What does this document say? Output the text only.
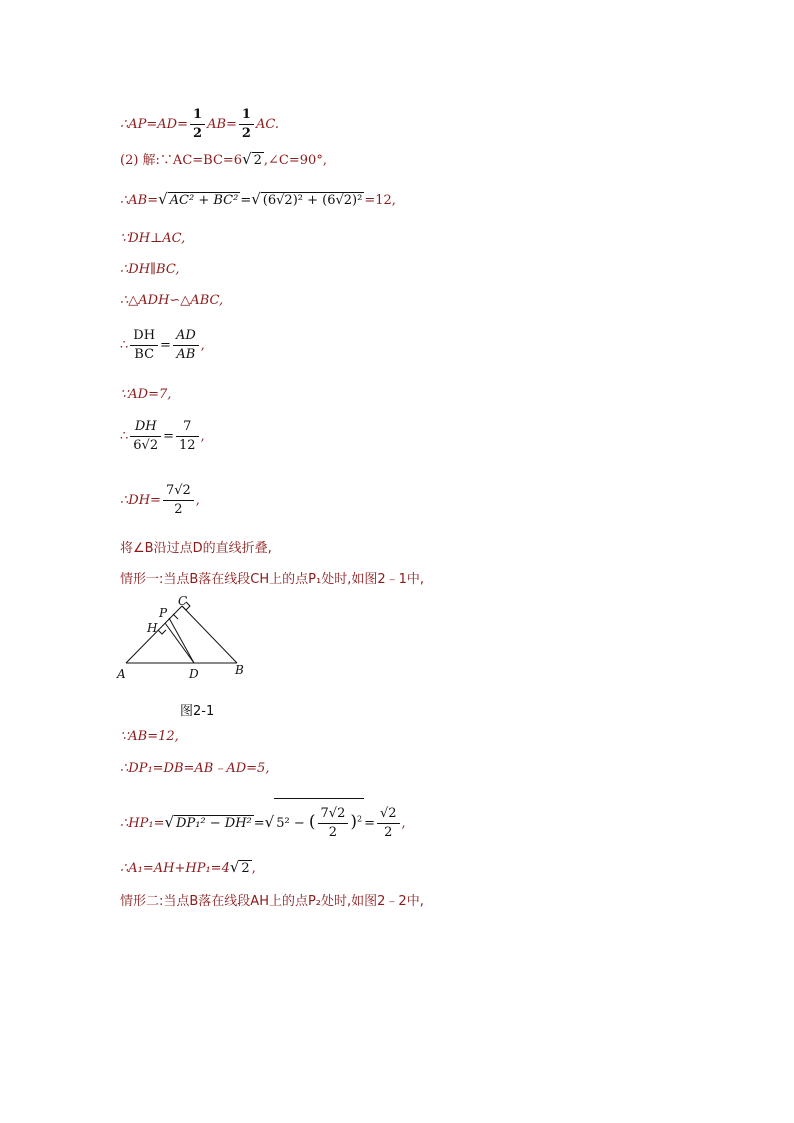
∴AP=AD= $\frac{1}{2} AB= \frac{1}{2}$ AC.
(2) 解:∵AC=BC=6√ 2 ,∠C=90°,
∴AB=√ AC² + BC² =√ (6√2)² + (6√2)² =12,
∵DH⊥AC,
∴DH∥BC,
∴△ADH∽△ABC,
∴ $\frac{DH}{BC} = \frac{AD}{AB}$ ,
∵AD=7,
∴ $\frac{DH}{6√2} = \frac{7}{12}$ ,
∴DH= $\frac{7√2}{2}$ ,
将∠B沿过点D的直线折叠,
情形一:当点B落在线段CH上的点P₁处时,如图2﹣1中,
A	B
C
D
H
P
图2-1
∵AB=12,
∴DP₁=DB=AB﹣AD=5,
∴HP₁=√ DP₁² − DH² =√ 5² − ( $\frac{7√2}{2} )^2 = \frac{√2}{2}$ ,
∴A₁=AH+HP₁=4√ 2 ,
情形二:当点B落在线段AH上的点P₂处时,如图2﹣2中,
